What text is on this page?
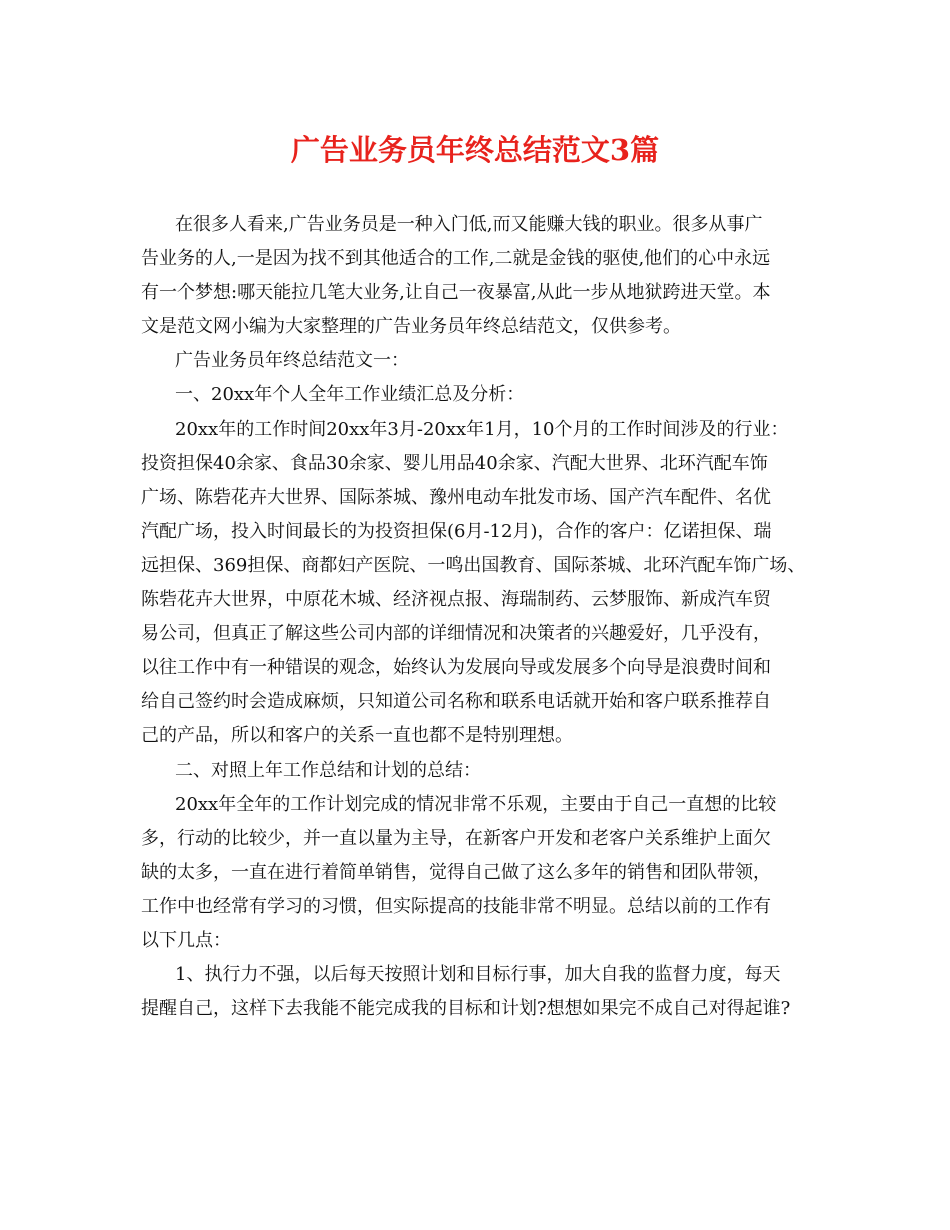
广告业务员年终总结范文3篇
在很多人看来,广告业务员是一种入门低,而又能赚大钱的职业。很多从事广
告业务的人,一是因为找不到其他适合的工作,二就是金钱的驱使,他们的心中永远
有一个梦想:哪天能拉几笔大业务,让自己一夜暴富,从此一步从地狱跨进天堂。本
文是范文网小编为大家整理的广告业务员年终总结范文，仅供参考。
广告业务员年终总结范文一：
一、20xx年个人全年工作业绩汇总及分析：
20xx年的工作时间20xx年3月-20xx年1月，10个月的工作时间涉及的行业：
投资担保40余家、食品30余家、婴儿用品40余家、汽配大世界、北环汽配车饰
广场、陈砦花卉大世界、国际茶城、豫州电动车批发市场、国产汽车配件、名优
汽配广场，投入时间最长的为投资担保(6月-12月)，合作的客户：亿诺担保、瑞
远担保、369担保、商都妇产医院、一鸣出国教育、国际茶城、北环汽配车饰广场、
陈砦花卉大世界，中原花木城、经济视点报、海瑞制药、云梦服饰、新成汽车贸
易公司，但真正了解这些公司内部的详细情况和决策者的兴趣爱好，几乎没有，
以往工作中有一种错误的观念，始终认为发展向导或发展多个向导是浪费时间和
给自己签约时会造成麻烦，只知道公司名称和联系电话就开始和客户联系推荐自
己的产品，所以和客户的关系一直也都不是特别理想。
二、对照上年工作总结和计划的总结：
20xx年全年的工作计划完成的情况非常不乐观，主要由于自己一直想的比较
多，行动的比较少，并一直以量为主导，在新客户开发和老客户关系维护上面欠
缺的太多，一直在进行着简单销售，觉得自己做了这么多年的销售和团队带领，
工作中也经常有学习的习惯，但实际提高的技能非常不明显。总结以前的工作有
以下几点：
1、执行力不强，以后每天按照计划和目标行事，加大自我的监督力度，每天
提醒自己，这样下去我能不能完成我的目标和计划?想想如果完不成自己对得起谁?
